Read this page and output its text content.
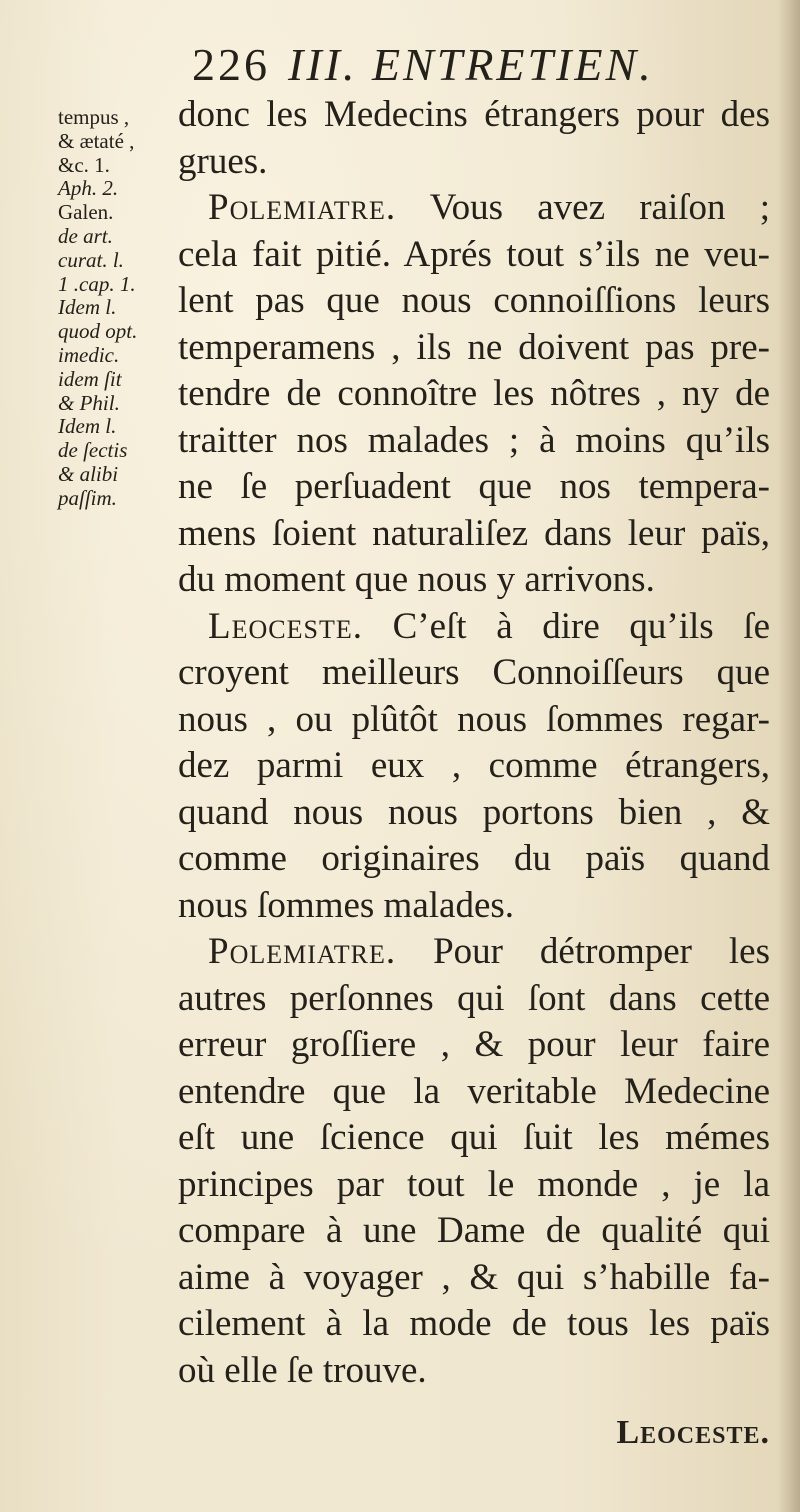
226 III. ENTRETIEN.
tempus ,
& ætaté ,
&c. 1.
Aph. 2.
Galen.
de art.
curat. l.
1 .cap. 1.
Idem l.
quod opt.
imedic.
idem ſit
& Phil.
Idem l.
de ſectis
& alibi
paſſim.
donc les Medecins étrangers pour des
grues.
Polemiatre. Vous avez raiſon ;
cela fait pitié. Aprés tout s’ils ne veu-
lent pas que nous connoiſſions leurs
temperamens , ils ne doivent pas pre-
tendre de connoître les nôtres , ny de
traitter nos malades ; à moins qu’ils
ne ſe perſuadent que nos tempera-
mens ſoient naturaliſez dans leur païs,
du moment que nous y arrivons.
Leoceste. C’eſt à dire qu’ils ſe
croyent meilleurs Connoiſſeurs que
nous , ou plûtôt nous ſommes regar-
dez parmi eux , comme étrangers,
quand nous nous portons bien , &
comme originaires du païs quand
nous ſommes malades.
Polemiatre. Pour détromper les
autres perſonnes qui ſont dans cette
erreur groſſiere , & pour leur faire
entendre que la veritable Medecine
eſt une ſcience qui ſuit les mémes
principes par tout le monde , je la
compare à une Dame de qualité qui
aime à voyager , & qui s’habille fa-
cilement à la mode de tous les païs
où elle ſe trouve.
Leoceste.
